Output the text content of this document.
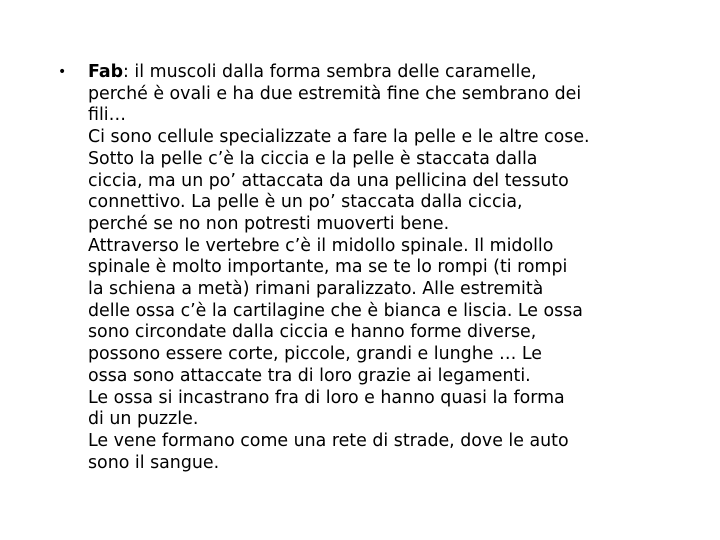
• Fab: il muscoli dalla forma sembra delle caramelle,
perché è ovali e ha due estremità fine che sembrano dei
fili…
Ci sono cellule specializzate a fare la pelle e le altre cose.
Sotto la pelle c’è la ciccia e la pelle è staccata dalla
ciccia, ma un po’ attaccata da una pellicina del tessuto
connettivo. La pelle è un po’ staccata dalla ciccia,
perché se no non potresti muoverti bene.
Attraverso le vertebre c’è il midollo spinale. Il midollo
spinale è molto importante, ma se te lo rompi (ti rompi
la schiena a metà) rimani paralizzato. Alle estremità
delle ossa c’è la cartilagine che è bianca e liscia. Le ossa
sono circondate dalla ciccia e hanno forme diverse,
possono essere corte, piccole, grandi e lunghe … Le
ossa sono attaccate tra di loro grazie ai legamenti.
Le ossa si incastrano fra di loro e hanno quasi la forma
di un puzzle.
Le vene formano come una rete di strade, dove le auto
sono il sangue.
